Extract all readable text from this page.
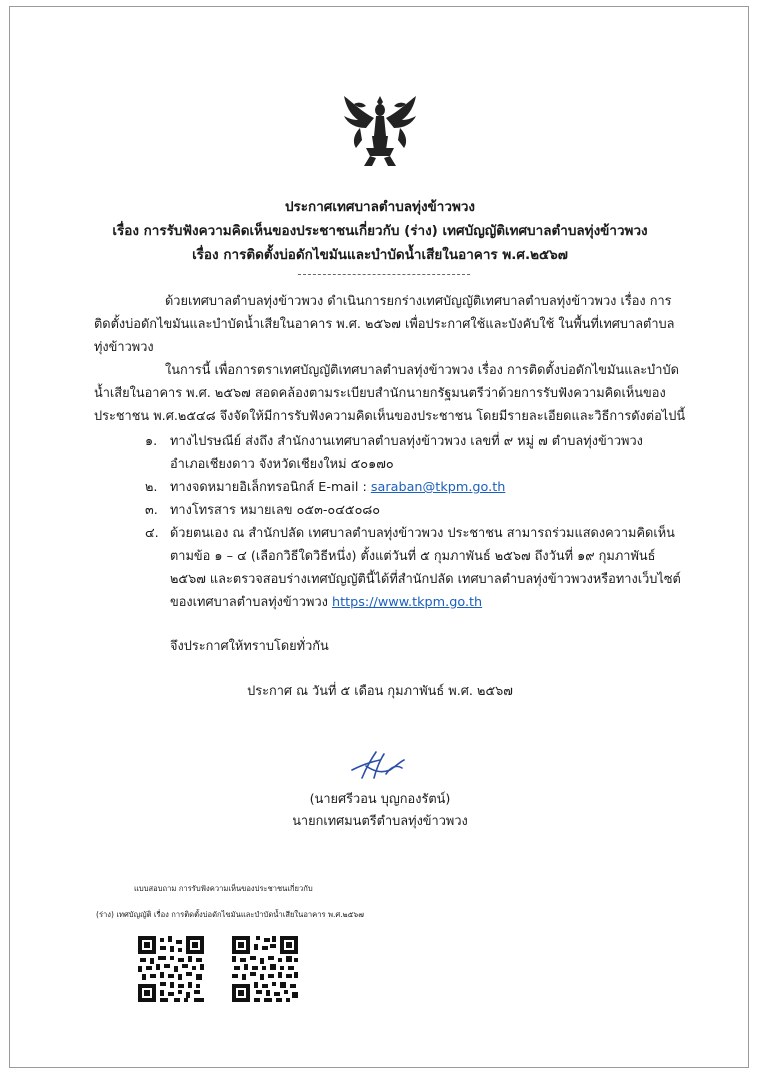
ประกาศเทศบาลตำบลทุ่งข้าวพวง
เรื่อง การรับฟังความคิดเห็นของประชาชนเกี่ยวกับ (ร่าง) เทศบัญญัติเทศบาลตำบลทุ่งข้าวพวง
เรื่อง การติดตั้งบ่อดักไขมันและบำบัดน้ำเสียในอาคาร พ.ศ.๒๕๖๗
ด้วยเทศบาลตำบลทุ่งข้าวพวง ดำเนินการยกร่างเทศบัญญัติเทศบาลตำบลทุ่งข้าวพวง เรื่อง การ
ติดตั้งบ่อดักไขมันและบำบัดน้ำเสียในอาคาร พ.ศ. ๒๕๖๗ เพื่อประกาศใช้และบังคับใช้ ในพื้นที่เทศบาลตำบล
ทุ่งข้าวพวง
ในการนี้ เพื่อการตราเทศบัญญัติเทศบาลตำบลทุ่งข้าวพวง เรื่อง การติดตั้งบ่อดักไขมันและบำบัด
น้ำเสียในอาคาร พ.ศ. ๒๕๖๗ สอดคล้องตามระเบียบสำนักนายกรัฐมนตรีว่าด้วยการรับฟังความคิดเห็นของ
ประชาชน พ.ศ.๒๕๔๘ จึงจัดให้มีการรับฟังความคิดเห็นของประชาชน โดยมีรายละเอียดและวิธีการดังต่อไปนี้
๑. ทางไปรษณีย์ ส่งถึง สำนักงานเทศบาลตำบลทุ่งข้าวพวง เลขที่ ๙ หมู่ ๗ ตำบลทุ่งข้าวพวง
อำเภอเชียงดาว จังหวัดเชียงใหม่ ๕๐๑๗๐
๒. ทางจดหมายอิเล็กทรอนิกส์ E-mail : saraban@tkpm.go.th
๓. ทางโทรสาร หมายเลข ๐๕๓-๐๔๕๐๘๐
๔. ด้วยตนเอง ณ สำนักปลัด เทศบาลตำบลทุ่งข้าวพวง ประชาชน สามารถร่วมแสดงความคิดเห็น
ตามข้อ ๑ – ๔ (เลือกวิธีใดวิธีหนึ่ง) ตั้งแต่วันที่ ๕ กุมภาพันธ์ ๒๕๖๗ ถึงวันที่ ๑๙ กุมภาพันธ์
๒๕๖๗ และตรวจสอบร่างเทศบัญญัตินี้ได้ที่สำนักปลัด เทศบาลตำบลทุ่งข้าวพวงหรือทางเว็บไซต์
ของเทศบาลตำบลทุ่งข้าวพวง https://www.tkpm.go.th
จึงประกาศให้ทราบโดยทั่วกัน
ประกาศ ณ วันที่ ๕ เดือน กุมภาพันธ์ พ.ศ. ๒๕๖๗
(นายศรีวอน บุญกองรัตน์)
นายกเทศมนตรีตำบลทุ่งข้าวพวง
แบบสอบถาม การรับฟังความเห็นของประชาชนเกี่ยวกับ
(ร่าง) เทศบัญญัติ เรื่อง การติดตั้งบ่อดักไขมันและบำบัดน้ำเสียในอาคาร พ.ศ.๒๕๖๗
